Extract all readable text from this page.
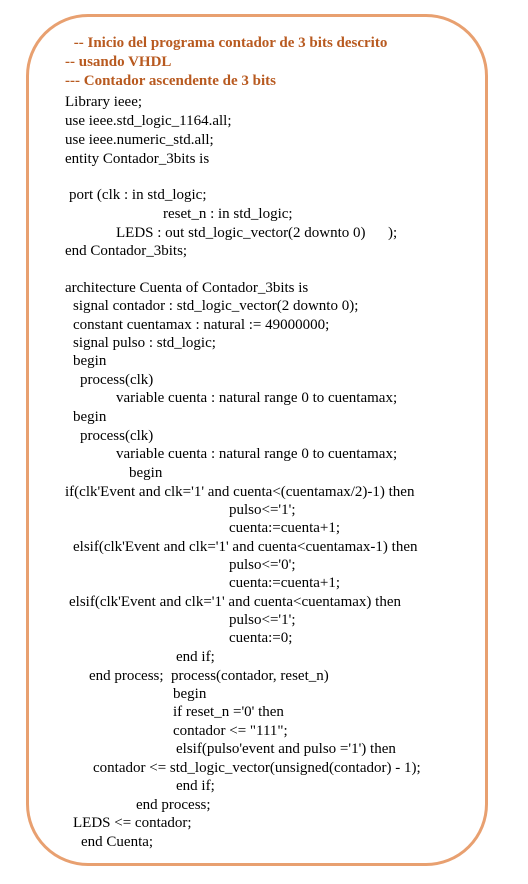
-- Inicio del programa contador de 3 bits descrito
-- usando VHDL
--- Contador ascendente de 3 bits
Library ieee;
use ieee.std_logic_1164.all;
use ieee.numeric_std.all;
entity Contador_3bits is
port (clk : in std_logic;
reset_n : in std_logic;
LEDS : out std_logic_vector(2 downto 0)      );
end Contador_3bits;
architecture Cuenta of Contador_3bits is
signal contador : std_logic_vector(2 downto 0);
constant cuentamax : natural := 49000000;
signal pulso : std_logic;
begin
process(clk)
variable cuenta : natural range 0 to cuentamax;
begin
process(clk)
variable cuenta : natural range 0 to cuentamax;
begin
if(clk'Event and clk='1' and cuenta<(cuentamax/2)-1) then
pulso<='1';
cuenta:=cuenta+1;
elsif(clk'Event and clk='1' and cuenta<cuentamax-1) then
pulso<='0';
cuenta:=cuenta+1;
elsif(clk'Event and clk='1' and cuenta<cuentamax) then
pulso<='1';
cuenta:=0;
end if;
end process;  process(contador, reset_n)
begin
if reset_n ='0' then
contador <= "111";
elsif(pulso'event and pulso ='1') then
contador <= std_logic_vector(unsigned(contador) - 1);
end if;
end process;
LEDS <= contador;
end Cuenta;
